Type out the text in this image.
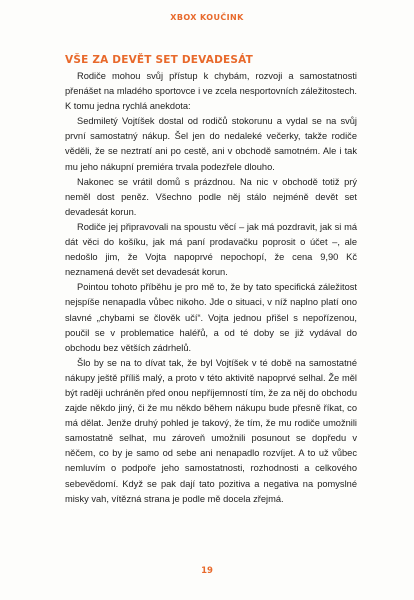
XBOX KOUČINK
VŠE ZA DEVĚT SET DEVADESÁT

Rodiče mohou svůj přístup k chybám, rozvoji a samostatnosti přenášet na mladého sportovce i ve zcela nesportovních záležitostech. K tomu jedna rychlá anekdota:

Sedmiletý Vojtíšek dostal od rodičů stokorunu a vydal se na svůj první samostatný nákup. Šel jen do nedaleké večerky, takže rodiče věděli, že se neztratí ani po cestě, ani v obchodě samotném. Ale i tak mu jeho nákupní premiéra trvala podezřele dlouho.

Nakonec se vrátil domů s prázdnou. Na nic v obchodě totiž prý neměl dost peněz. Všechno podle něj stálo nejméně devět set devadesát korun.

Rodiče jej připravovali na spoustu věcí – jak má pozdravit, jak si má dát věci do košíku, jak má paní prodavačku poprosit o účet –, ale nedošlo jim, že Vojta napoprvé nepochopí, že cena 9,90 Kč neznamená devět set devadesát korun.

Pointou tohoto příběhu je pro mě to, že by tato specifická záležitost nejspíše nenapadla vůbec nikoho. Jde o situaci, v níž naplno platí ono slavné „chybami se člověk učí“. Vojta jednou přišel s nepořízenou, poučil se v problematice haléřů, a od té doby se již vydával do obchodu bez větších zádrhelů.

Šlo by se na to dívat tak, že byl Vojtíšek v té době na samostatné nákupy ještě příliš malý, a proto v této aktivitě napoprvé selhal. Že měl být raději uchráněn před onou nepříjemností tím, že za něj do obchodu zajde někdo jiný, či že mu někdo během nákupu bude přesně říkat, co má dělat. Jenže druhý pohled je takový, že tím, že mu rodiče umožnili samostatně selhat, mu zároveň umožnili posunout se dopředu v něčem, co by je samo od sebe ani nenapadlo rozvíjet. A to už vůbec nemluvím o podpoře jeho samostatnosti, rozhodnosti a celkového sebevědomí. Když se pak dají tato pozitiva a negativa na pomyslné misky vah, vítězná strana je podle mě docela zřejmá.

19
